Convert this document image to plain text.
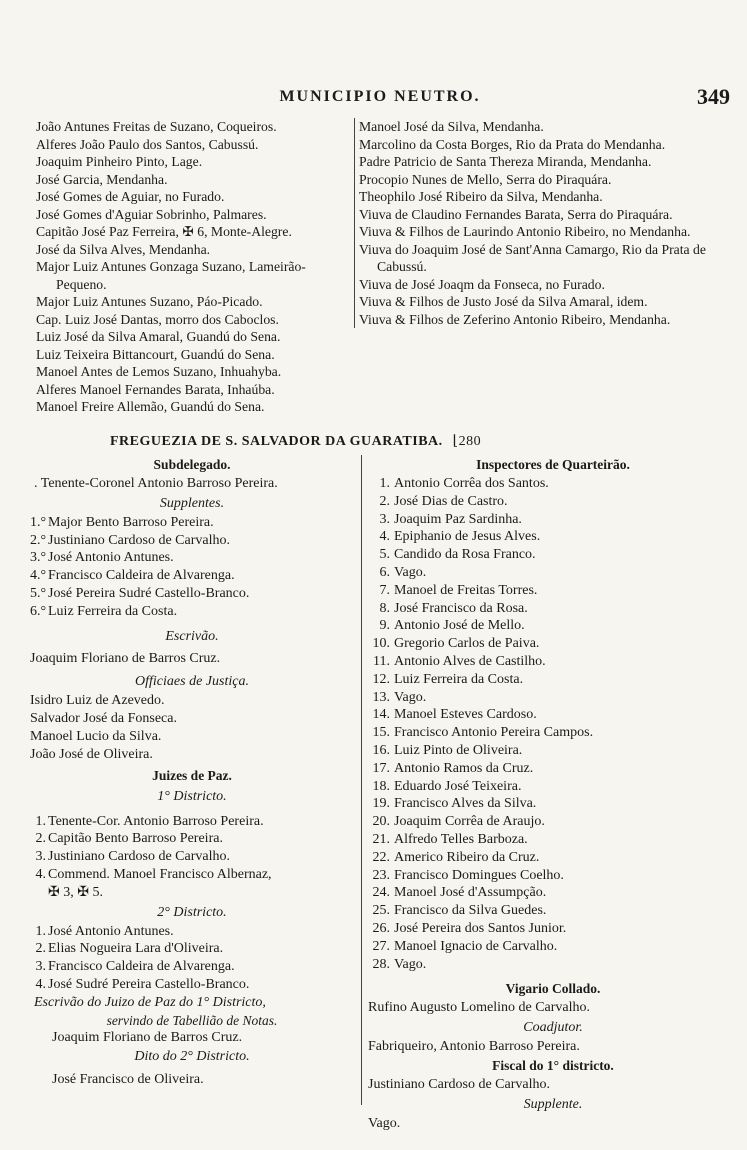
MUNICIPIO NEUTRO.	349

João Antunes Freitas de Suzano, Coqueiros.

Alferes João Paulo dos Santos, Cabussú.

Joaquim Pinheiro Pinto, Lage.

José Garcia, Mendanha.

José Gomes de Aguiar, no Furado.

José Gomes d'Aguiar Sobrinho, Palmares.

Capitão José Paz Ferreira, ✠ 6, Monte-Alegre.

José da Silva Alves, Mendanha.

Major Luiz Antunes Gonzaga Suzano, Lameirão-Pequeno.

Major Luiz Antunes Suzano, Páo-Picado.

Cap. Luiz José Dantas, morro dos Caboclos.

Luiz José da Silva Amaral, Guandú do Sena.

Luiz Teixeira Bittancourt, Guandú do Sena.

Manoel Antes de Lemos Suzano, Inhuahyba.

Alferes Manoel Fernandes Barata, Inhaúba.

Manoel Freire Allemão, Guandú do Sena.

Manoel José da Silva, Mendanha.

Marcolino da Costa Borges, Rio da Prata do Mendanha.

Padre Patricio de Santa Thereza Miranda, Mendanha.

Procopio Nunes de Mello, Serra do Piraquára.

Theophilo José Ribeiro da Silva, Mendanha.

Viuva de Claudino Fernandes Barata, Serra do Piraquára.

Viuva & Filhos de Laurindo Antonio Ribeiro, no Mendanha.

Viuva do Joaquim José de Sant'Anna Camargo, Rio da Prata de Cabussú.

Viuva de José Joaqm da Fonseca, no Furado.

Viuva & Filhos de Justo José da Silva Amaral, idem.

Viuva & Filhos de Zeferino Antonio Ribeiro, Mendanha.

FREGUEZIA DE S. SALVADOR DA GUARATIBA. ⌊280

Subdelegado.

. Tenente-Coronel Antonio Barroso Pereira.

Supplentes.

1.° Major Bento Barroso Pereira.

2.° Justiniano Cardoso de Carvalho.

3.° José Antonio Antunes.

4.° Francisco Caldeira de Alvarenga.

5.° José Pereira Sudré Castello-Branco.

6.° Luiz Ferreira da Costa.

Escrivão.

Joaquim Floriano de Barros Cruz.

Officiaes de Justiça.

Isidro Luiz de Azevedo.

Salvador José da Fonseca.

Manoel Lucio da Silva.

João José de Oliveira.

Juizes de Paz.

1° Districto.

1. Tenente-Cor. Antonio Barroso Pereira.

2. Capitão Bento Barroso Pereira.

3. Justiniano Cardoso de Carvalho.

4. Commend. Manoel Francisco Albernaz,

✠ 3, ✠ 5.

2° Districto.

1. José Antonio Antunes.

2. Elias Nogueira Lara d'Oliveira.

3. Francisco Caldeira de Alvarenga.

4. José Sudré Pereira Castello-Branco.

Escrivão do Juizo de Paz do 1° Districto,

servindo de Tabellião de Notas.

Joaquim Floriano de Barros Cruz.

Dito do 2° Districto.

José Francisco de Oliveira.

Inspectores de Quarteirão.

1. Antonio Corrêa dos Santos.

2. José Dias de Castro.

3. Joaquim Paz Sardinha.

4. Epiphanio de Jesus Alves.

5. Candido da Rosa Franco.

6. Vago.

7. Manoel de Freitas Torres.

8. José Francisco da Rosa.

9. Antonio José de Mello.

10. Gregorio Carlos de Paiva.

11. Antonio Alves de Castilho.

12. Luiz Ferreira da Costa.

13. Vago.

14. Manoel Esteves Cardoso.

15. Francisco Antonio Pereira Campos.

16. Luiz Pinto de Oliveira.

17. Antonio Ramos da Cruz.

18. Eduardo José Teixeira.

19. Francisco Alves da Silva.

20. Joaquim Corrêa de Araujo.

21. Alfredo Telles Barboza.

22. Americo Ribeiro da Cruz.

23. Francisco Domingues Coelho.

24. Manoel José d'Assumpção.

25. Francisco da Silva Guedes.

26. José Pereira dos Santos Junior.

27. Manoel Ignacio de Carvalho.

28. Vago.

Vigario Collado.

Rufino Augusto Lomelino de Carvalho.

Coadjutor.

Fabriqueiro, Antonio Barroso Pereira.

Fiscal do 1° districto.

Justiniano Cardoso de Carvalho.

Supplente.

Vago.
